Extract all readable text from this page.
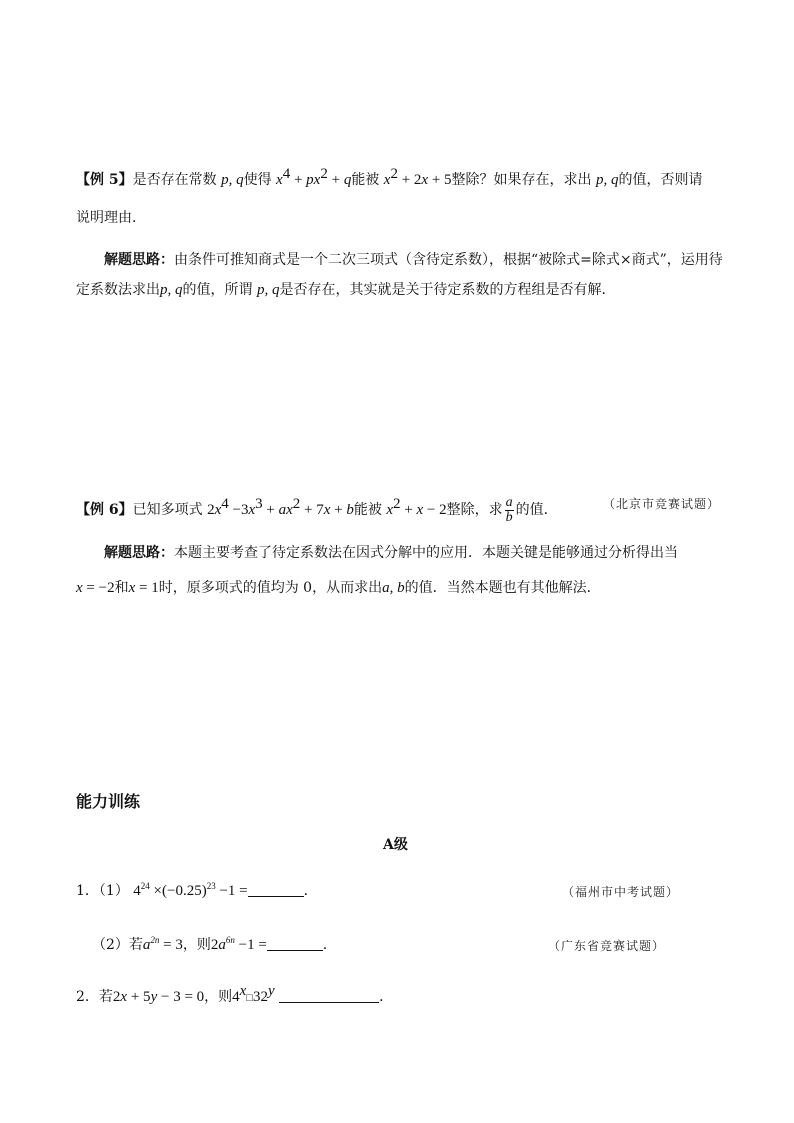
【例 5】是否存在常数 p, q使得 $x^4 + px^2 + q$能被 $x^2 + 2x + 5$整除？如果存在，求出 p, q的值，否则请
说明理由．
解题思路：由条件可推知商式是一个二次三项式（含待定系数），根据“被除式=除式×商式”，运用待
定系数法求出p, q的值，所谓 p, q是否存在，其实就是关于待定系数的方程组是否有解．
【例 6】已知多项式 $2x^4 -3x^3 + ax^2 + 7x + b$能被 $x^2 + x - 2$整除，求 $\frac{a}{b}$ 的值．	（北京市竞赛试题）
解题思路：本题主要考查了待定系数法在因式分解中的应用．本题关键是能够通过分析得出当
x = −2和x = 1时，原多项式的值均为 0，从而求出a, b的值．当然本题也有其他解法．
能力训练
A级
1．（1） $4^{24} \times(-0.25)^{23} -1$ =	．	（福州市中考试题）
（2）若$a^{2n} = 3$，则$2a^{6n} -1$ =	．	（广东省竞赛试题）
2．若2x + 5y − 3 = 0，则4$^x$□32$^y$	．
